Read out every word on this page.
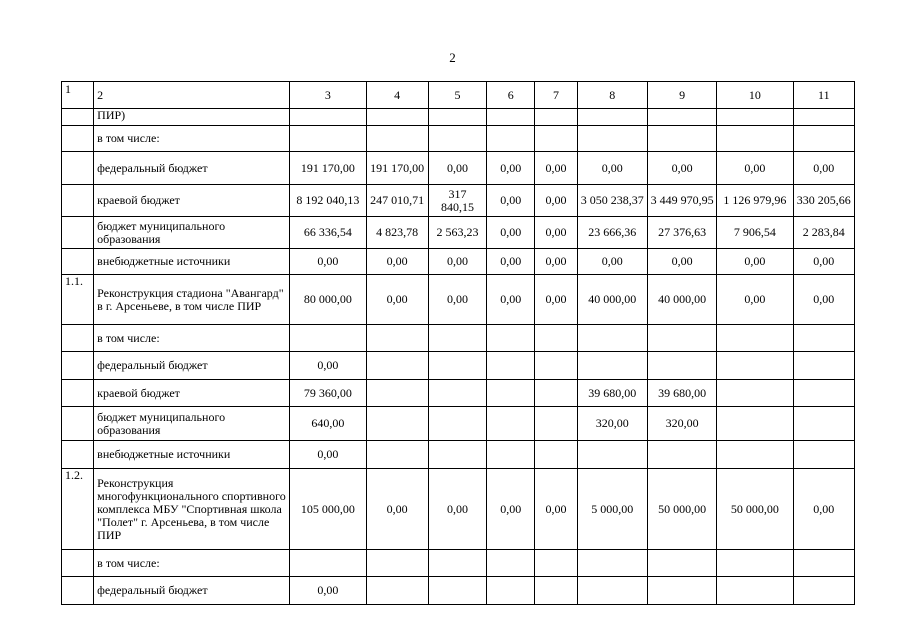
2
1	2	3	4	5	6	7	8	9	10	11
	ПИР)									
	в том числе:									
	федеральный бюджет	191 170,00	191 170,00	0,00	0,00	0,00	0,00	0,00	0,00	0,00
	краевой бюджет	8 192 040,13	247 010,71	317 840,15	0,00	0,00	3 050 238,37	3 449 970,95	1 126 979,96	330 205,66
	бюджет муниципального образования	66 336,54	4 823,78	2 563,23	0,00	0,00	23 666,36	27 376,63	7 906,54	2 283,84
	внебюджетные источники	0,00	0,00	0,00	0,00	0,00	0,00	0,00	0,00	0,00
1.1.	Реконструкция стадиона "Авангард" в г. Арсеньеве, в том числе ПИР	80 000,00	0,00	0,00	0,00	0,00	40 000,00	40 000,00	0,00	0,00
	в том числе:									
	федеральный бюджет	0,00								
	краевой бюджет	79 360,00					39 680,00	39 680,00		
	бюджет муниципального образования	640,00					320,00	320,00		
	внебюджетные источники	0,00								
1.2.	Реконструкция многофункционального спортивного комплекса МБУ "Спортивная школа "Полет" г. Арсеньева, в том числе ПИР	105 000,00	0,00	0,00	0,00	0,00	5 000,00	50 000,00	50 000,00	0,00
	в том числе:									
	федеральный бюджет	0,00								
